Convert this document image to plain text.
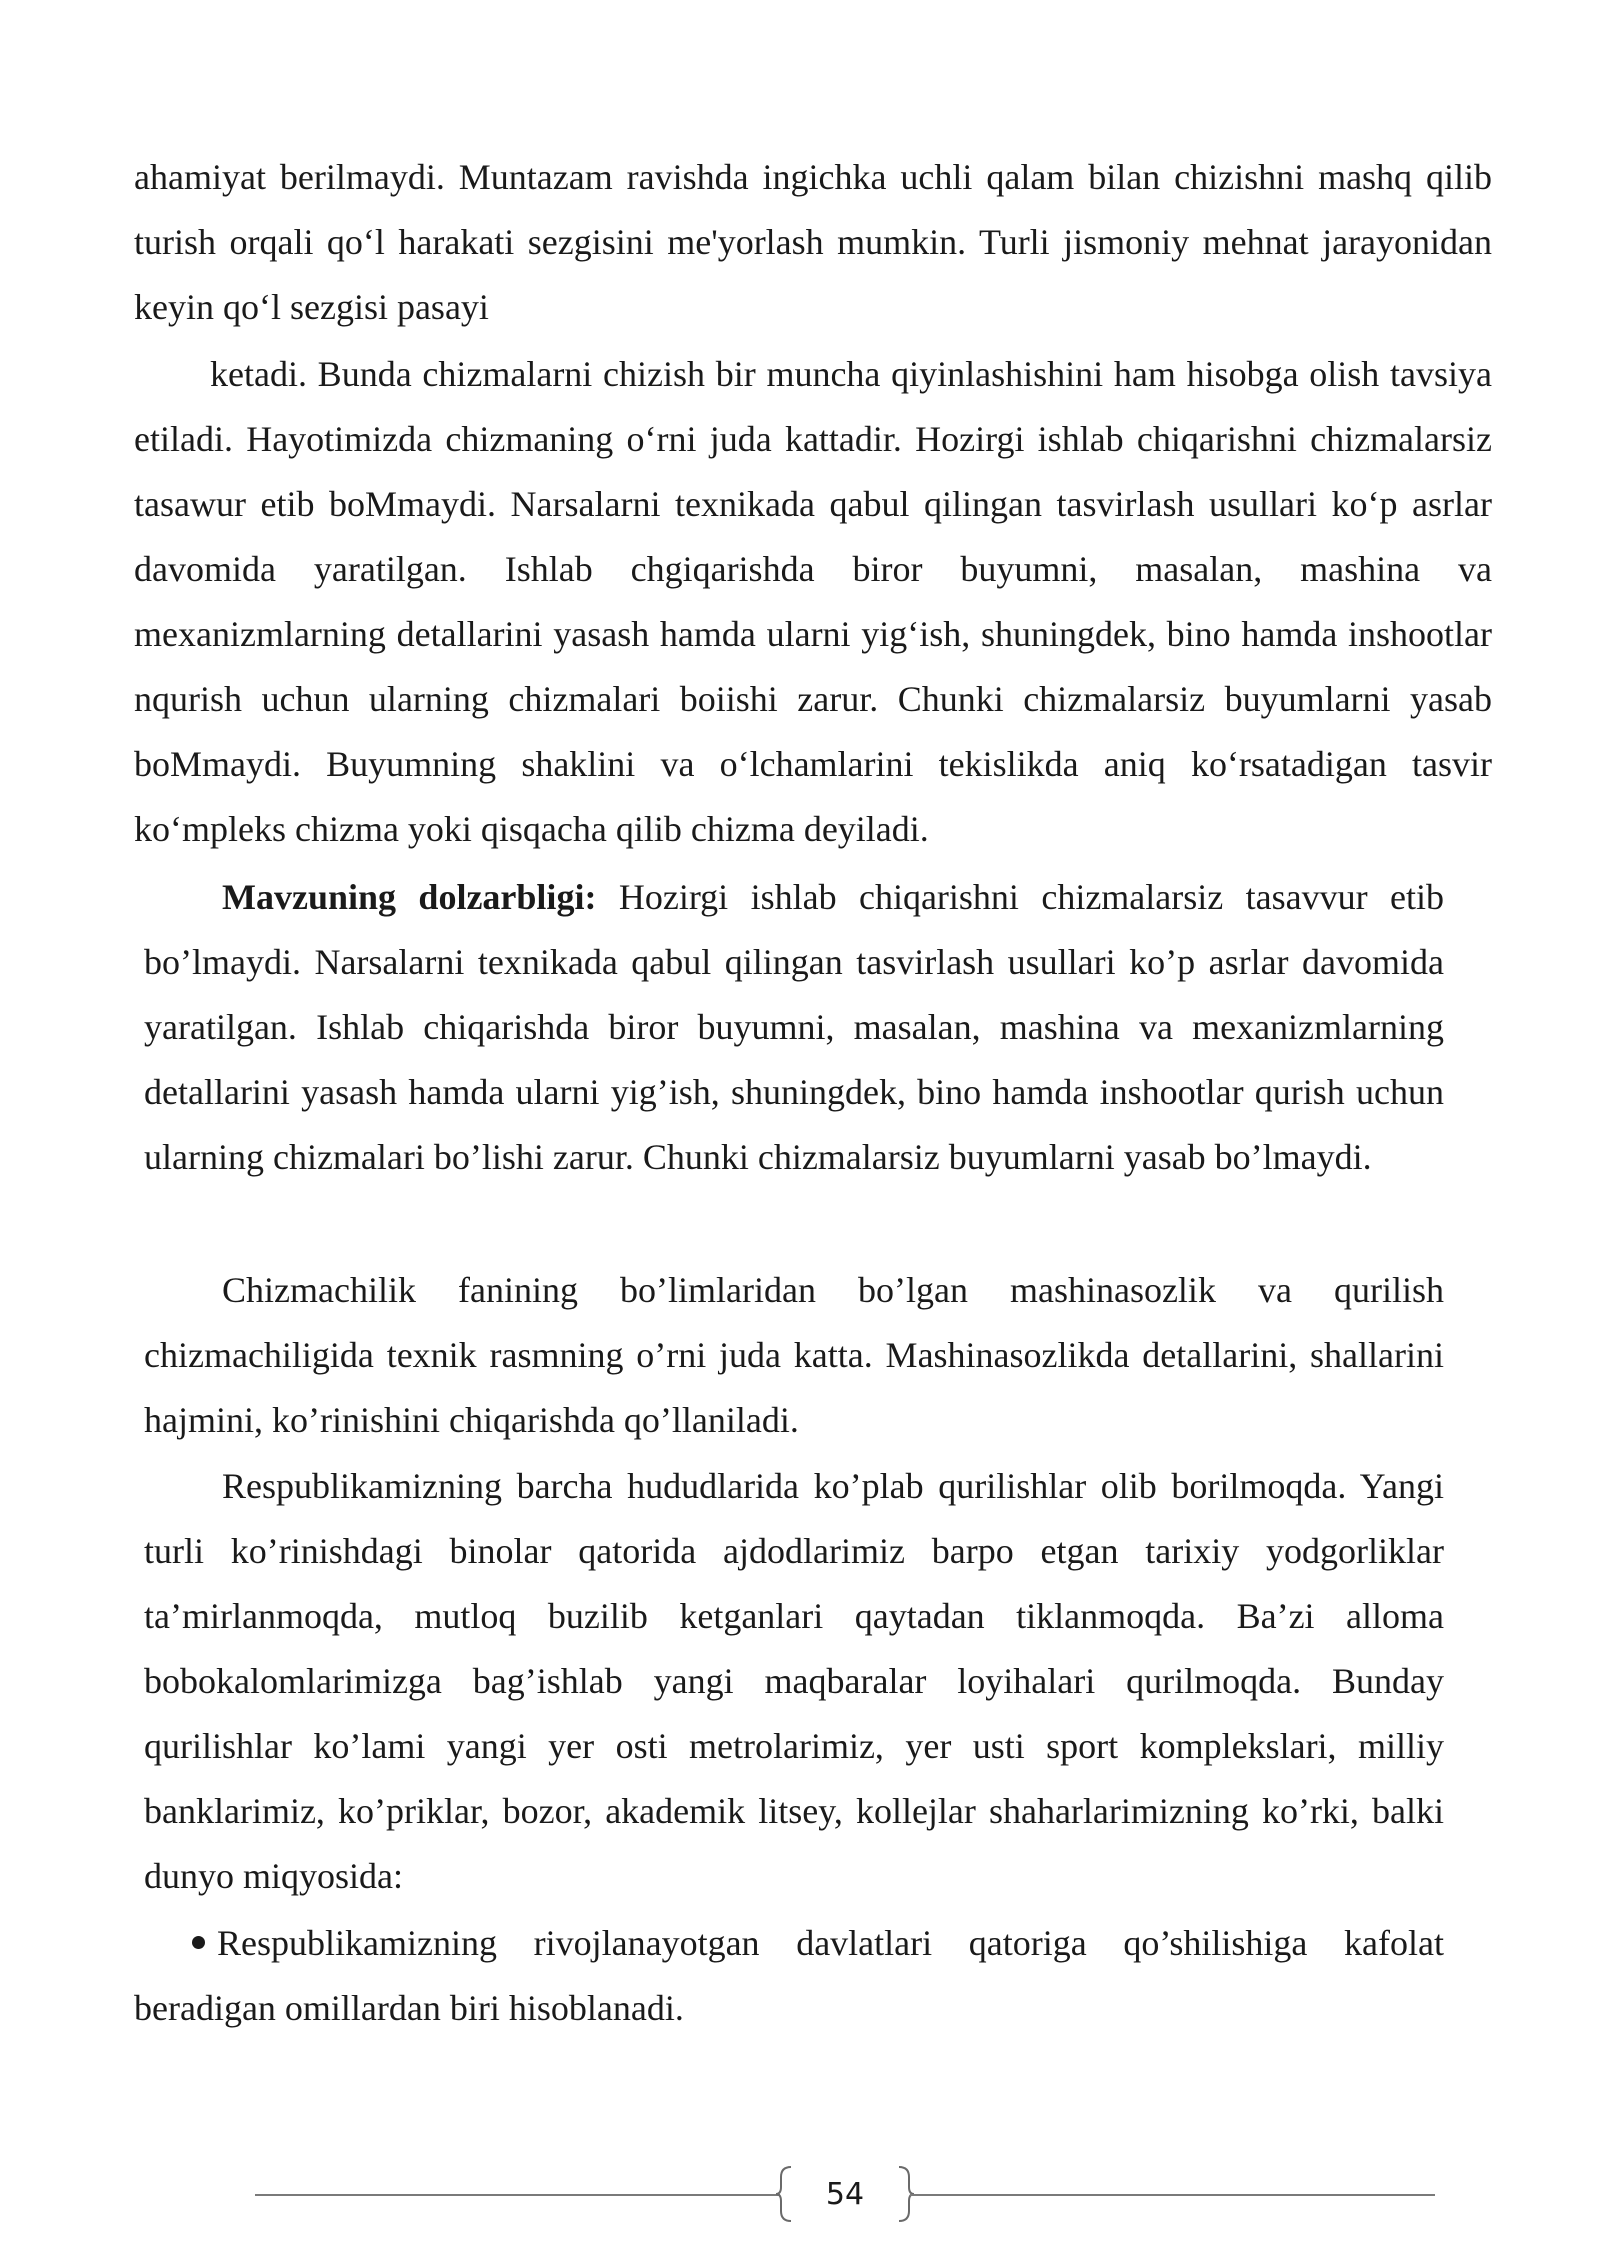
ahamiyat berilmaydi. Muntazam ravishda ingichka uchli qalam bilan chizishni mashq qilib turish orqali qo‘l harakati sezgisini me'yorlash mumkin. Turli jismoniy mehnat jarayonidan keyin qo‘l sezgisi pasayi
ketadi. Bunda chizmalarni chizish bir muncha qiyinlashishini ham hisobga olish tavsiya etiladi. Hayotimizda chizmaning o‘rni juda kattadir. Hozirgi ishlab chiqarishni chizmalarsiz tasawur etib boMmaydi. Narsalarni texnikada qabul qilingan tasvirlash usullari ko‘p asrlar davomida yaratilgan. Ishlab chgiqarishda biror buyumni, masalan, mashina va mexanizmlarning detallarini yasash hamda ularni yig‘ish, shuningdek, bino hamda inshootlar nqurish uchun ularning chizmalari boiishi zarur. Chunki chizmalarsiz buyumlarni yasab boMmaydi. Buyumning shaklini va o‘lchamlarini tekislikda aniq ko‘rsatadigan tasvir ko‘mpleks chizma yoki qisqacha qilib chizma deyiladi.
Mavzuning dolzarbligi: Hozirgi ishlab chiqarishni chizmalarsiz tasavvur etib bo’lmaydi. Narsalarni texnikada qabul qilingan tasvirlash usullari ko’p asrlar davomida yaratilgan. Ishlab chiqarishda biror buyumni, masalan, mashina va mexanizmlarning detallarini yasash hamda ularni yig’ish, shuningdek, bino hamda inshootlar qurish uchun ularning chizmalari bo’lishi zarur. Chunki chizmalarsiz buyumlarni yasab bo’lmaydi.
Chizmachilik fanining bo’limlaridan bo’lgan mashinasozlik va qurilish chizmachiligida texnik rasmning o’rni juda katta. Mashinasozlikda detallarini, shallarini hajmini, ko’rinishini chiqarishda qo’llaniladi.
Respublikamizning barcha hududlarida ko’plab qurilishlar olib borilmoqda. Yangi turli ko’rinishdagi binolar qatorida ajdodlarimiz barpo etgan tarixiy yodgorliklar ta’mirlanmoqda, mutloq buzilib ketganlari qaytadan tiklanmoqda. Ba’zi alloma bobokalomlarimizga bag’ishlab yangi maqbaralar loyihalari qurilmoqda. Bunday qurilishlar ko’lami yangi yer osti metrolarimiz, yer usti sport komplekslari, milliy banklarimiz, ko’priklar, bozor, akademik litsey, kollejlar shaharlarimizning ko’rki, balki dunyo miqyosida:
Respublikamizning rivojlanayotgan davlatlari qatoriga qo’shilishiga kafolat beradigan omillardan biri hisoblanadi.
54
